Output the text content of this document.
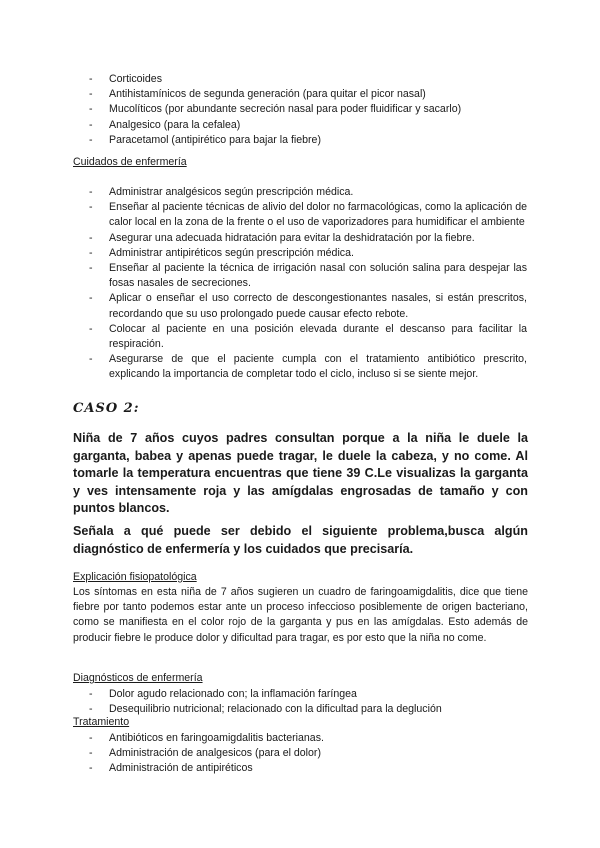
- Corticoides
- Antihistamínicos de segunda generación (para quitar el picor nasal)
- Mucolíticos (por abundante secreción nasal para poder fluidificar y sacarlo)
- Analgesico (para la cefalea)
- Paracetamol (antipirético para bajar la fiebre)
Cuidados de enfermería
- Administrar analgésicos según prescripción médica.
- Enseñar al paciente técnicas de alivio del dolor no farmacológicas, como la aplicación de calor local en la zona de la frente o el uso de vaporizadores para humidificar el ambiente
- Asegurar una adecuada hidratación para evitar la deshidratación por la fiebre.
- Administrar antipiréticos según prescripción médica.
- Enseñar al paciente la técnica de irrigación nasal con solución salina para despejar las fosas nasales de secreciones.
- Aplicar o enseñar el uso correcto de descongestionantes nasales, si están prescritos, recordando que su uso prolongado puede causar efecto rebote.
- Colocar al paciente en una posición elevada durante el descanso para facilitar la respiración.
- Asegurarse de que el paciente cumpla con el tratamiento antibiótico prescrito, explicando la importancia de completar todo el ciclo, incluso si se siente mejor.
CASO 2:

Niña de 7 años cuyos padres consultan porque a la niña le duele la garganta, babea y apenas puede tragar, le duele la cabeza, y no come. Al tomarle la temperatura encuentras que tiene 39 C.Le visualizas la garganta y ves intensamente roja y las amígdalas engrosadas de tamaño y con puntos blancos.

Señala a qué puede ser debido el siguiente problema,busca algún diagnóstico de enfermería y los cuidados que precisaría.

Explicación fisiopatológica

Los síntomas en esta niña de 7 años sugieren un cuadro de faringoamigdalitis, dice que tiene fiebre por tanto podemos estar ante un proceso infeccioso posiblemente de origen bacteriano, como se manifiesta en el color rojo de la garganta y pus en las amígdalas. Esto además de producir fiebre le produce dolor y dificultad para tragar, es por esto que la niña no come.

Diagnósticos de enfermería
- Dolor agudo relacionado con; la inflamación faríngea
- Desequilibrio nutricional; relacionado con la dificultad para la deglución
Tratamiento
- Antibióticos en faringoamigdalitis bacterianas.
- Administración de analgesicos (para el dolor)
- Administración de antipiréticos
